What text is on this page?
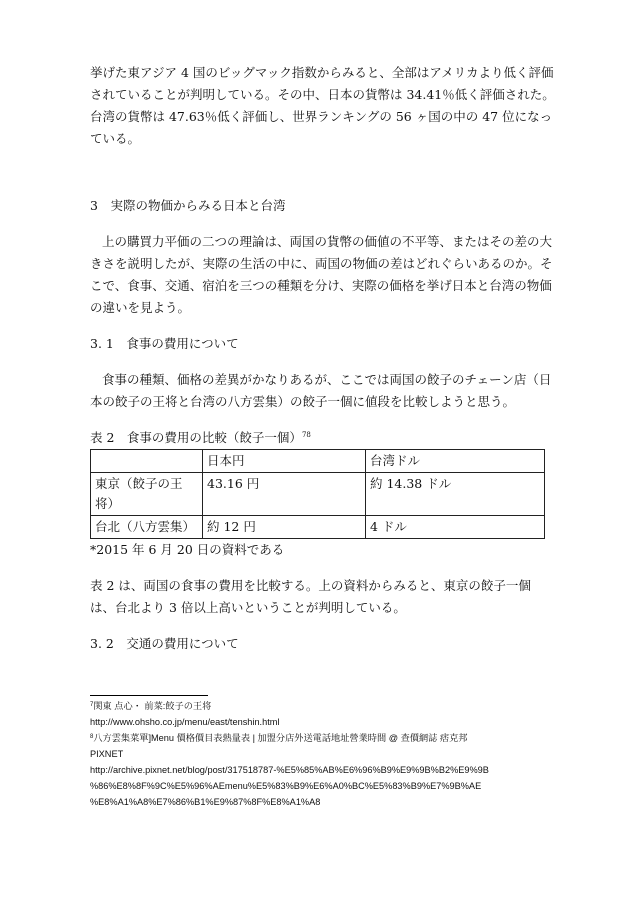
挙げた東アジア 4 国のビッグマック指数からみると、全部はアメリカより低く評価されていることが判明している。その中、日本の貨幣は 34.41％低く評価された。台湾の貨幣は 47.63％低く評価し、世界ランキングの 56 ヶ国の中の 47 位になっている。

3　実際の物価からみる日本と台湾

上の購買力平価の二つの理論は、両国の貨幣の価値の不平等、またはその差の大きさを説明したが、実際の生活の中に、両国の物価の差はどれぐらいあるのか。そこで、食事、交通、宿泊を三つの種類を分け、実際の価格を挙げ日本と台湾の物価の違いを見よう。

3. 1　食事の費用について

食事の種類、価格の差異がかなりあるが、ここでは両国の餃子のチェーン店（日本の餃子の王将と台湾の八方雲集）の餃子一個に値段を比較しようと思う。

表 2　食事の費用の比較（餃子一個）$^{78}$
	日本円	台湾ドル
東京（餃子の王将）	43.16 円	約 14.38 ドル
台北（八方雲集）	約 12 円	4 ドル
*2015 年 6 月 20 日の資料である

表 2 は、両国の食事の費用を比較する。上の資料からみると、東京の餃子一個は、台北より 3 倍以上高いということが判明している。

3. 2　交通の費用について

$^7$関東 点心・ 前菜:餃子の王将
http://www.ohsho.co.jp/menu/east/tenshin.html
$^8$八方雲集菜單]Menu 價格價目表熱量表 | 加盟分店外送電話地址營業時間 @ 查價網誌 痞克邦
PIXNET
http://archive.pixnet.net/blog/post/317518787-%E5%85%AB%E6%96%B9%E9%9B%B2%E9%9B
%86%E8%8F%9C%E5%96%AEmenu%E5%83%B9%E6%A0%BC%E5%83%B9%E7%9B%AE
%E8%A1%A8%E7%86%B1%E9%87%8F%E8%A1%A8
